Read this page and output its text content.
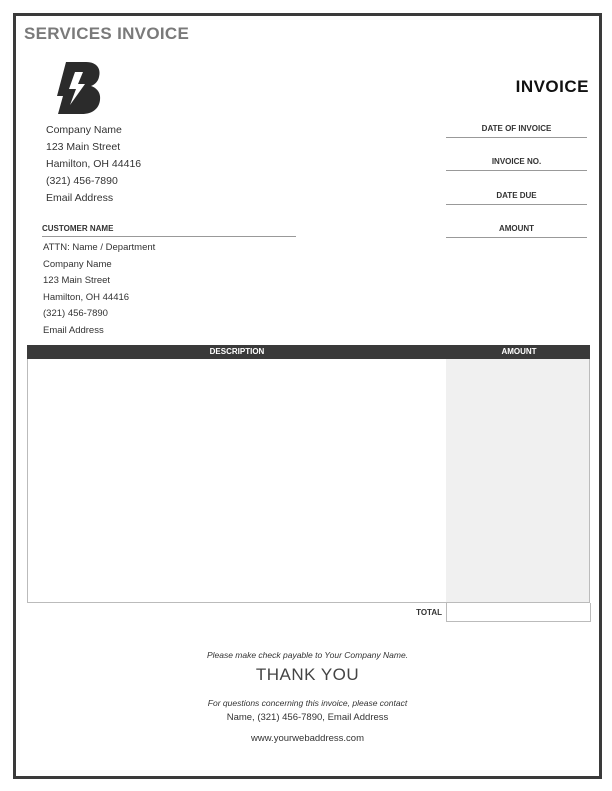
SERVICES INVOICE
INVOICE
Company Name
123 Main Street
Hamilton, OH 44416
(321) 456-7890
Email Address
DATE OF INVOICE
INVOICE NO.
DATE DUE
AMOUNT
CUSTOMER NAME
ATTN: Name / Department
Company Name
123 Main Street
Hamilton, OH 44416
(321) 456-7890
Email Address
DESCRIPTION	AMOUNT
TOTAL
Please make check payable to Your Company Name.
THANK YOU
For questions concerning this invoice, please contact
Name, (321) 456-7890, Email Address
www.yourwebaddress.com
